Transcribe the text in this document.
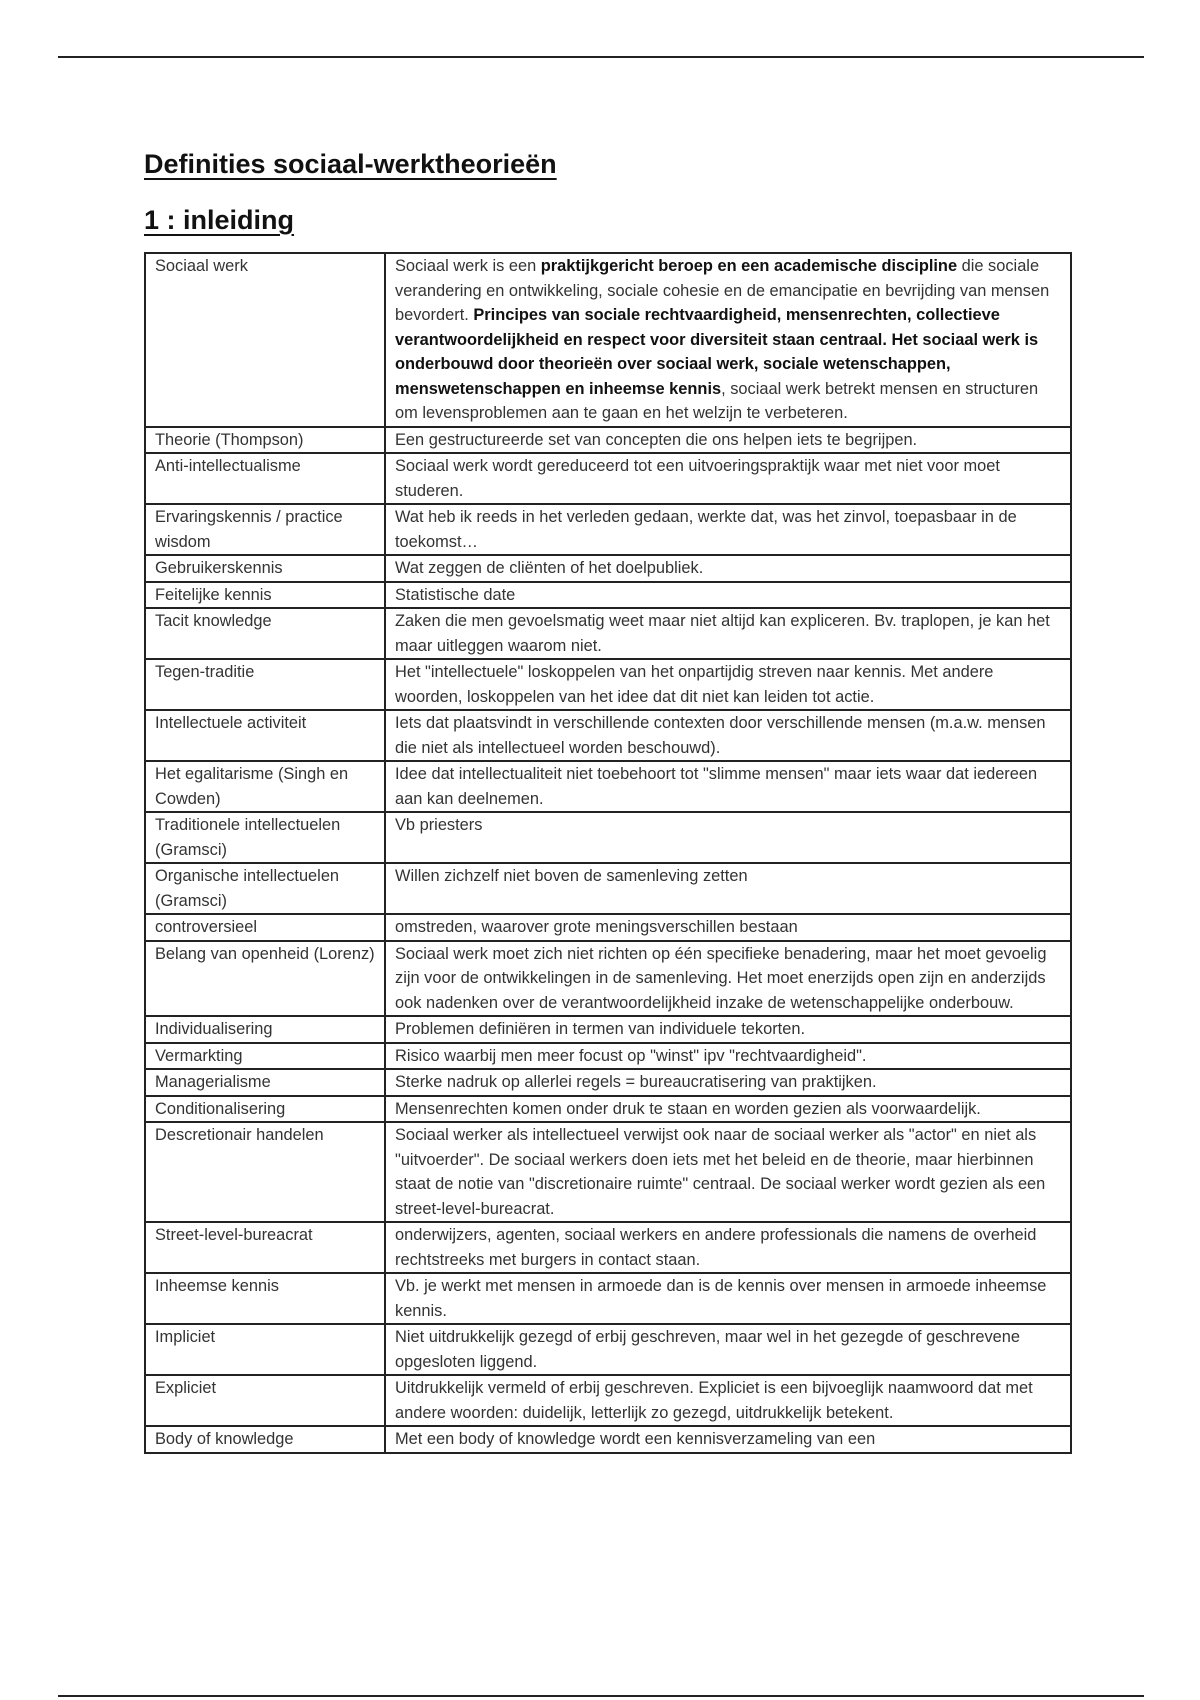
Definities sociaal-werktheorieën
1 : inleiding
Sociaal werk	Sociaal werk is een praktijkgericht beroep en een academische discipline die sociale verandering en ontwikkeling, sociale cohesie en de emancipatie en bevrijding van mensen bevordert. Principes van sociale rechtvaardigheid, mensenrechten, collectieve verantwoordelijkheid en respect voor diversiteit staan centraal. Het sociaal werk is onderbouwd door theorieën over sociaal werk, sociale wetenschappen, menswetenschappen en inheemse kennis, sociaal werk betrekt mensen en structuren om levensproblemen aan te gaan en het welzijn te verbeteren.
Theorie (Thompson)	Een gestructureerde set van concepten die ons helpen iets te begrijpen.
Anti-intellectualisme	Sociaal werk wordt gereduceerd tot een uitvoeringspraktijk waar met niet voor moet studeren.
Ervaringskennis / practice wisdom	Wat heb ik reeds in het verleden gedaan, werkte dat, was het zinvol, toepasbaar in de toekomst…
Gebruikerskennis	Wat zeggen de cliënten of het doelpubliek.
Feitelijke kennis	Statistische date
Tacit knowledge	Zaken die men gevoelsmatig weet maar niet altijd kan expliceren. Bv. traplopen, je kan het maar uitleggen waarom niet.
Tegen-traditie	Het "intellectuele" loskoppelen van het onpartijdig streven naar kennis. Met andere woorden, loskoppelen van het idee dat dit niet kan leiden tot actie.
Intellectuele activiteit	Iets dat plaatsvindt in verschillende contexten door verschillende mensen (m.a.w. mensen die niet als intellectueel worden beschouwd).
Het egalitarisme (Singh en Cowden)	Idee dat intellectualiteit niet toebehoort tot "slimme mensen" maar iets waar dat iedereen aan kan deelnemen.
Traditionele intellectuelen (Gramsci)	Vb priesters
Organische intellectuelen (Gramsci)	Willen zichzelf niet boven de samenleving zetten
controversieel	omstreden, waarover grote meningsverschillen bestaan
Belang van openheid (Lorenz)	Sociaal werk moet zich niet richten op één specifieke benadering, maar het moet gevoelig zijn voor de ontwikkelingen in de samenleving. Het moet enerzijds open zijn en anderzijds ook nadenken over de verantwoordelijkheid inzake de wetenschappelijke onderbouw.
Individualisering	Problemen definiëren in termen van individuele tekorten.
Vermarkting	Risico waarbij men meer focust op "winst" ipv "rechtvaardigheid".
Managerialisme	Sterke nadruk op allerlei regels = bureaucratisering van praktijken.
Conditionalisering	Mensenrechten komen onder druk te staan en worden gezien als voorwaardelijk.
Descretionair handelen	Sociaal werker als intellectueel verwijst ook naar de sociaal werker als "actor" en niet als "uitvoerder". De sociaal werkers doen iets met het beleid en de theorie, maar hierbinnen staat de notie van "discretionaire ruimte" centraal. De sociaal werker wordt gezien als een street-level-bureacrat.
Street-level-bureacrat	onderwijzers, agenten, sociaal werkers en andere professionals die namens de overheid rechtstreeks met burgers in contact staan.
Inheemse kennis	Vb. je werkt met mensen in armoede dan is de kennis over mensen in armoede inheemse kennis.
Impliciet	Niet uitdrukkelijk gezegd of erbij geschreven, maar wel in het gezegde of geschrevene opgesloten liggend.
Expliciet	Uitdrukkelijk vermeld of erbij geschreven. Expliciet is een bijvoeglijk naamwoord dat met andere woorden: duidelijk, letterlijk zo gezegd, uitdrukkelijk betekent.
Body of knowledge	Met een body of knowledge wordt een kennisverzameling van een
